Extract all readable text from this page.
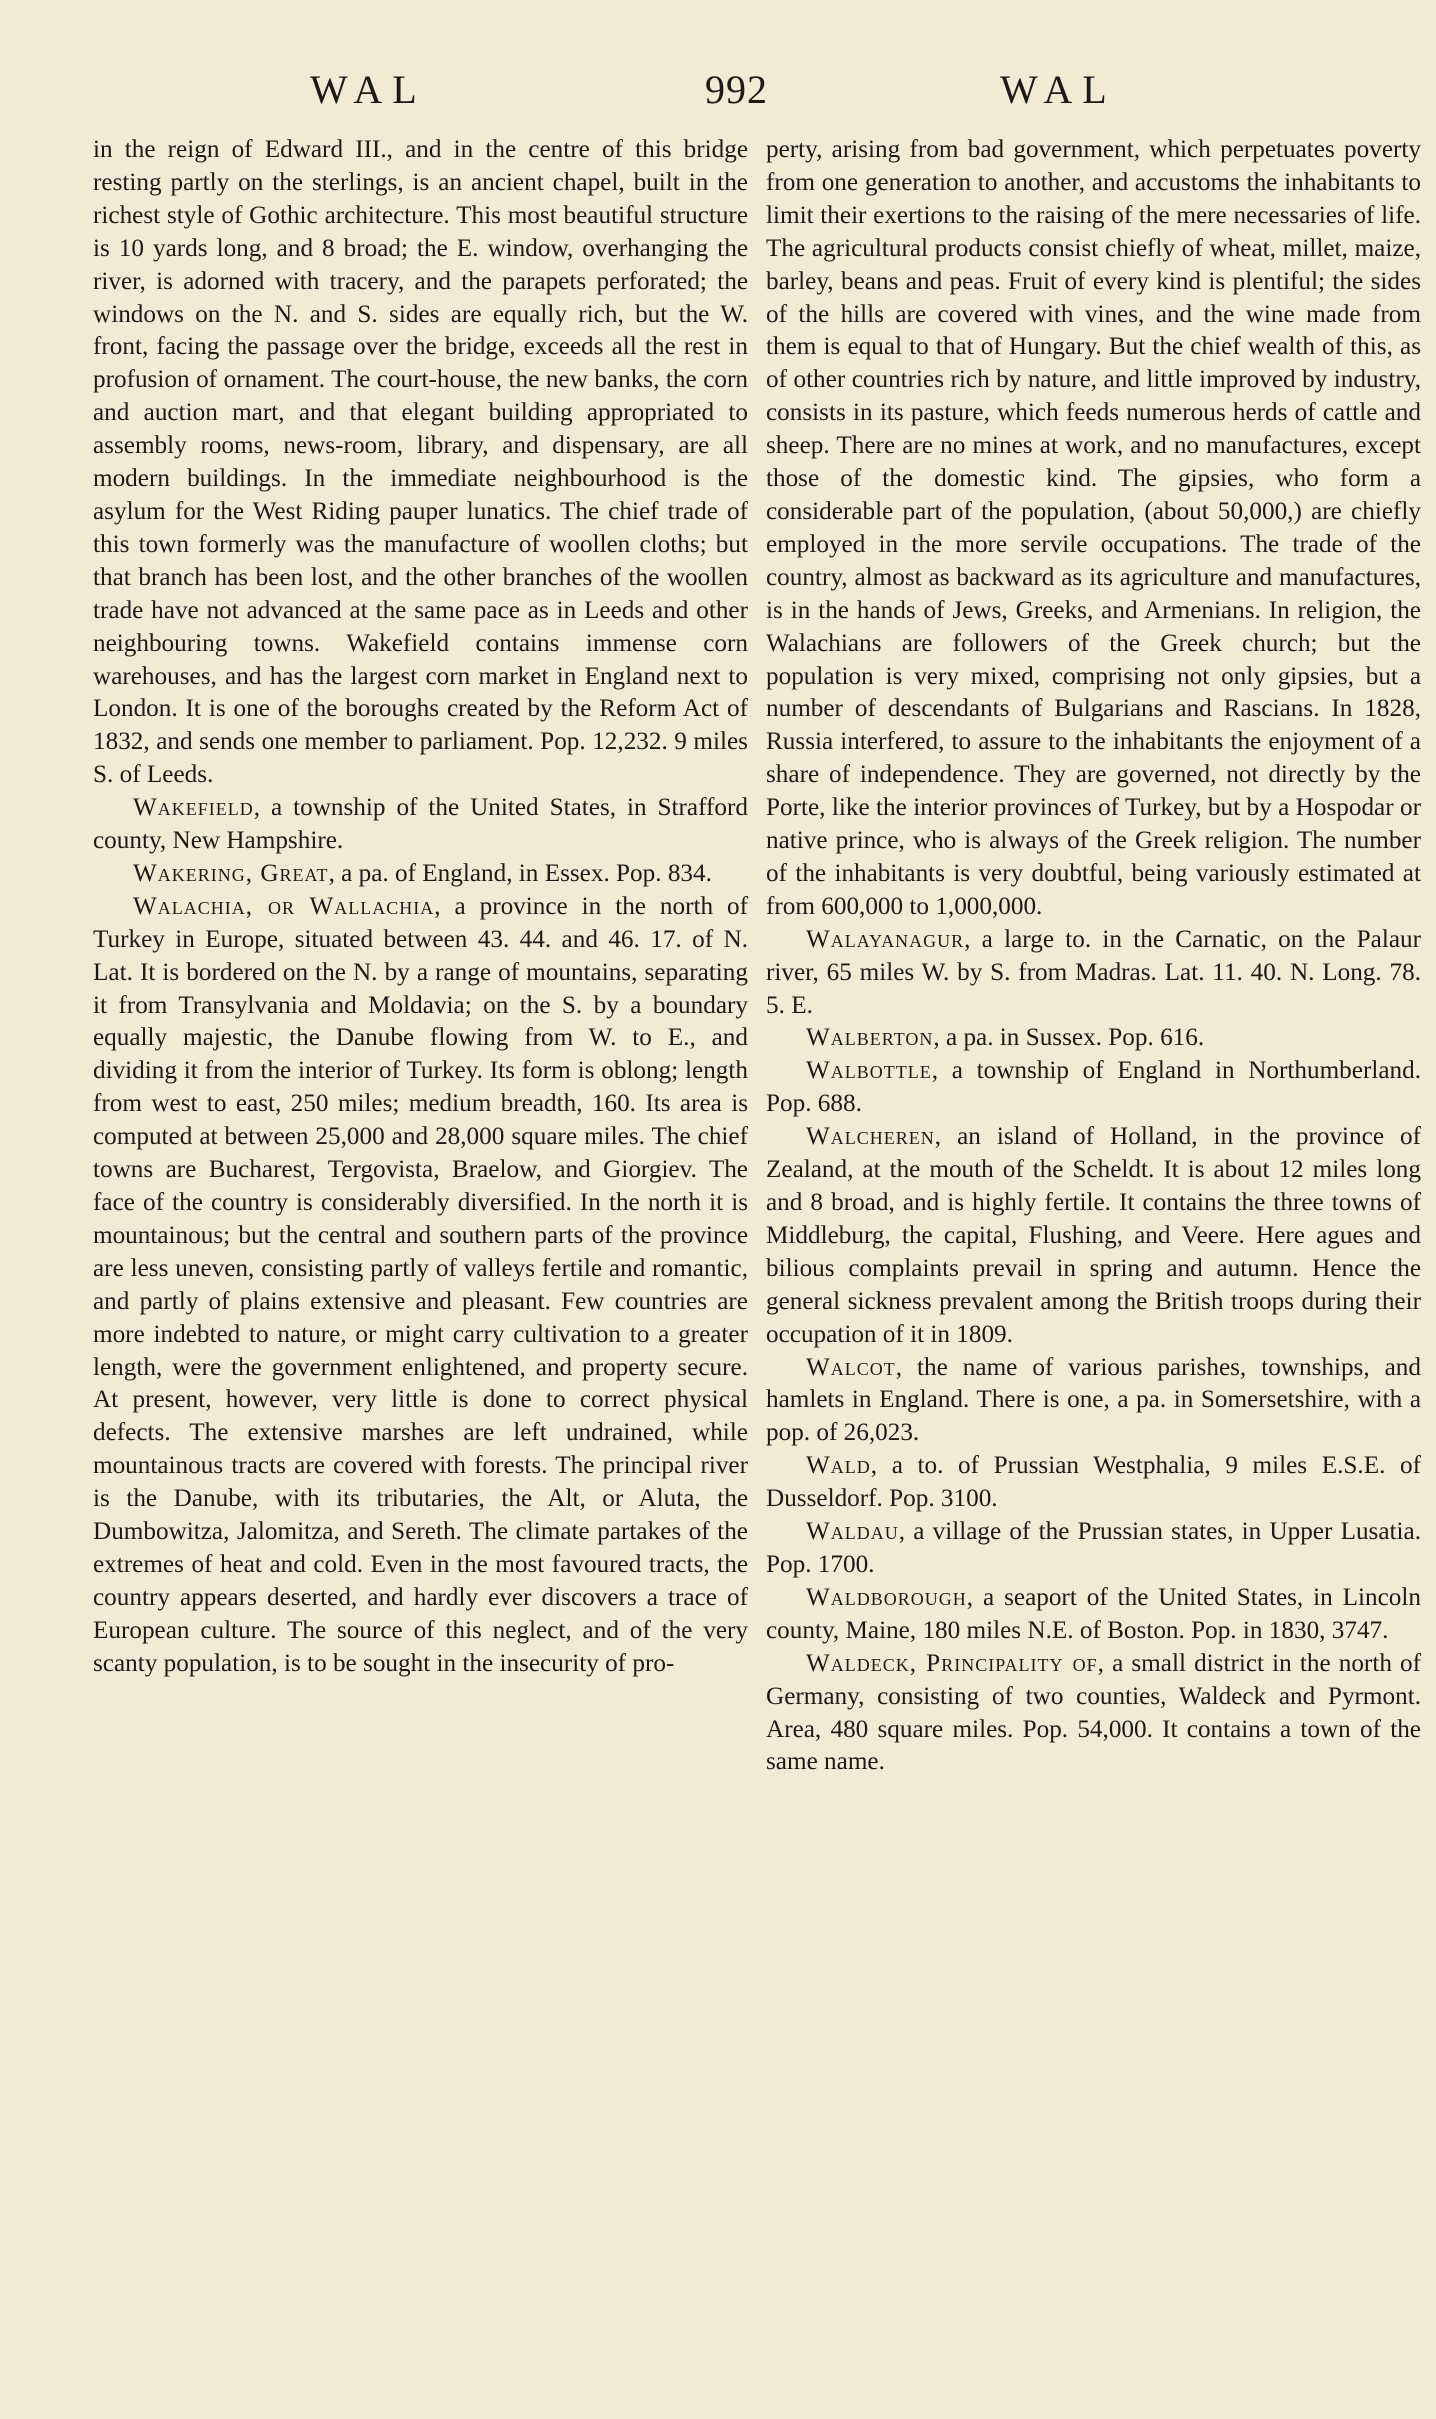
WAL	992	WAL

in the reign of Edward III., and in the centre of this bridge resting partly on the sterlings, is an ancient chapel, built in the richest style of Gothic architecture. This most beautiful structure is 10 yards long, and 8 broad; the E. window, overhanging the river, is adorned with tracery, and the parapets perforated; the windows on the N. and S. sides are equally rich, but the W. front, facing the passage over the bridge, exceeds all the rest in profusion of ornament. The court-house, the new banks, the corn and auction mart, and that elegant building appropriated to assembly rooms, news-room, library, and dispensary, are all modern buildings. In the immediate neighbourhood is the asylum for the West Riding pauper lunatics. The chief trade of this town formerly was the manufacture of woollen cloths; but that branch has been lost, and the other branches of the woollen trade have not advanced at the same pace as in Leeds and other neighbouring towns. Wakefield contains immense corn warehouses, and has the largest corn market in England next to London. It is one of the boroughs created by the Reform Act of 1832, and sends one member to parliament. Pop. 12,232. 9 miles S. of Leeds.

Wakefield, a township of the United States, in Strafford county, New Hampshire.

Wakering, Great, a pa. of England, in Essex. Pop. 834.

Walachia, or Wallachia, a province in the north of Turkey in Europe, situated between 43. 44. and 46. 17. of N. Lat. It is bordered on the N. by a range of mountains, separating it from Transylvania and Moldavia; on the S. by a boundary equally majestic, the Danube flowing from W. to E., and dividing it from the interior of Turkey. Its form is oblong; length from west to east, 250 miles; medium breadth, 160. Its area is computed at between 25,000 and 28,000 square miles. The chief towns are Bucharest, Tergovista, Braelow, and Giorgiev. The face of the country is considerably diversified. In the north it is mountainous; but the central and southern parts of the province are less uneven, consisting partly of valleys fertile and romantic, and partly of plains extensive and pleasant. Few countries are more indebted to nature, or might carry cultivation to a greater length, were the government enlightened, and property secure. At present, however, very little is done to correct physical defects. The extensive marshes are left undrained, while mountainous tracts are covered with forests. The principal river is the Danube, with its tributaries, the Alt, or Aluta, the Dumbowitza, Jalomitza, and Sereth. The climate partakes of the extremes of heat and cold. Even in the most favoured tracts, the country appears deserted, and hardly ever discovers a trace of European culture. The source of this neglect, and of the very scanty population, is to be sought in the insecurity of pro-

perty, arising from bad government, which perpetuates poverty from one generation to another, and accustoms the inhabitants to limit their exertions to the raising of the mere necessaries of life. The agricultural products consist chiefly of wheat, millet, maize, barley, beans and peas. Fruit of every kind is plentiful; the sides of the hills are covered with vines, and the wine made from them is equal to that of Hungary. But the chief wealth of this, as of other countries rich by nature, and little improved by industry, consists in its pasture, which feeds numerous herds of cattle and sheep. There are no mines at work, and no manufactures, except those of the domestic kind. The gipsies, who form a considerable part of the population, (about 50,000,) are chiefly employed in the more servile occupations. The trade of the country, almost as backward as its agriculture and manufactures, is in the hands of Jews, Greeks, and Armenians. In religion, the Walachians are followers of the Greek church; but the population is very mixed, comprising not only gipsies, but a number of descendants of Bulgarians and Rascians. In 1828, Russia interfered, to assure to the inhabitants the enjoyment of a share of independence. They are governed, not directly by the Porte, like the interior provinces of Turkey, but by a Hospodar or native prince, who is always of the Greek religion. The number of the inhabitants is very doubtful, being variously estimated at from 600,000 to 1,000,000.

Walayanagur, a large to. in the Carnatic, on the Palaur river, 65 miles W. by S. from Madras. Lat. 11. 40. N. Long. 78. 5. E.

Walberton, a pa. in Sussex. Pop. 616.

Walbottle, a township of England in Northumberland. Pop. 688.

Walcheren, an island of Holland, in the province of Zealand, at the mouth of the Scheldt. It is about 12 miles long and 8 broad, and is highly fertile. It contains the three towns of Middleburg, the capital, Flushing, and Veere. Here agues and bilious complaints prevail in spring and autumn. Hence the general sickness prevalent among the British troops during their occupation of it in 1809.

Walcot, the name of various parishes, townships, and hamlets in England. There is one, a pa. in Somersetshire, with a pop. of 26,023.

Wald, a to. of Prussian Westphalia, 9 miles E.S.E. of Dusseldorf. Pop. 3100.

Waldau, a village of the Prussian states, in Upper Lusatia. Pop. 1700.

Waldborough, a seaport of the United States, in Lincoln county, Maine, 180 miles N.E. of Boston. Pop. in 1830, 3747.

Waldeck, Principality of, a small district in the north of Germany, consisting of two counties, Waldeck and Pyrmont. Area, 480 square miles. Pop. 54,000. It contains a town of the same name.
